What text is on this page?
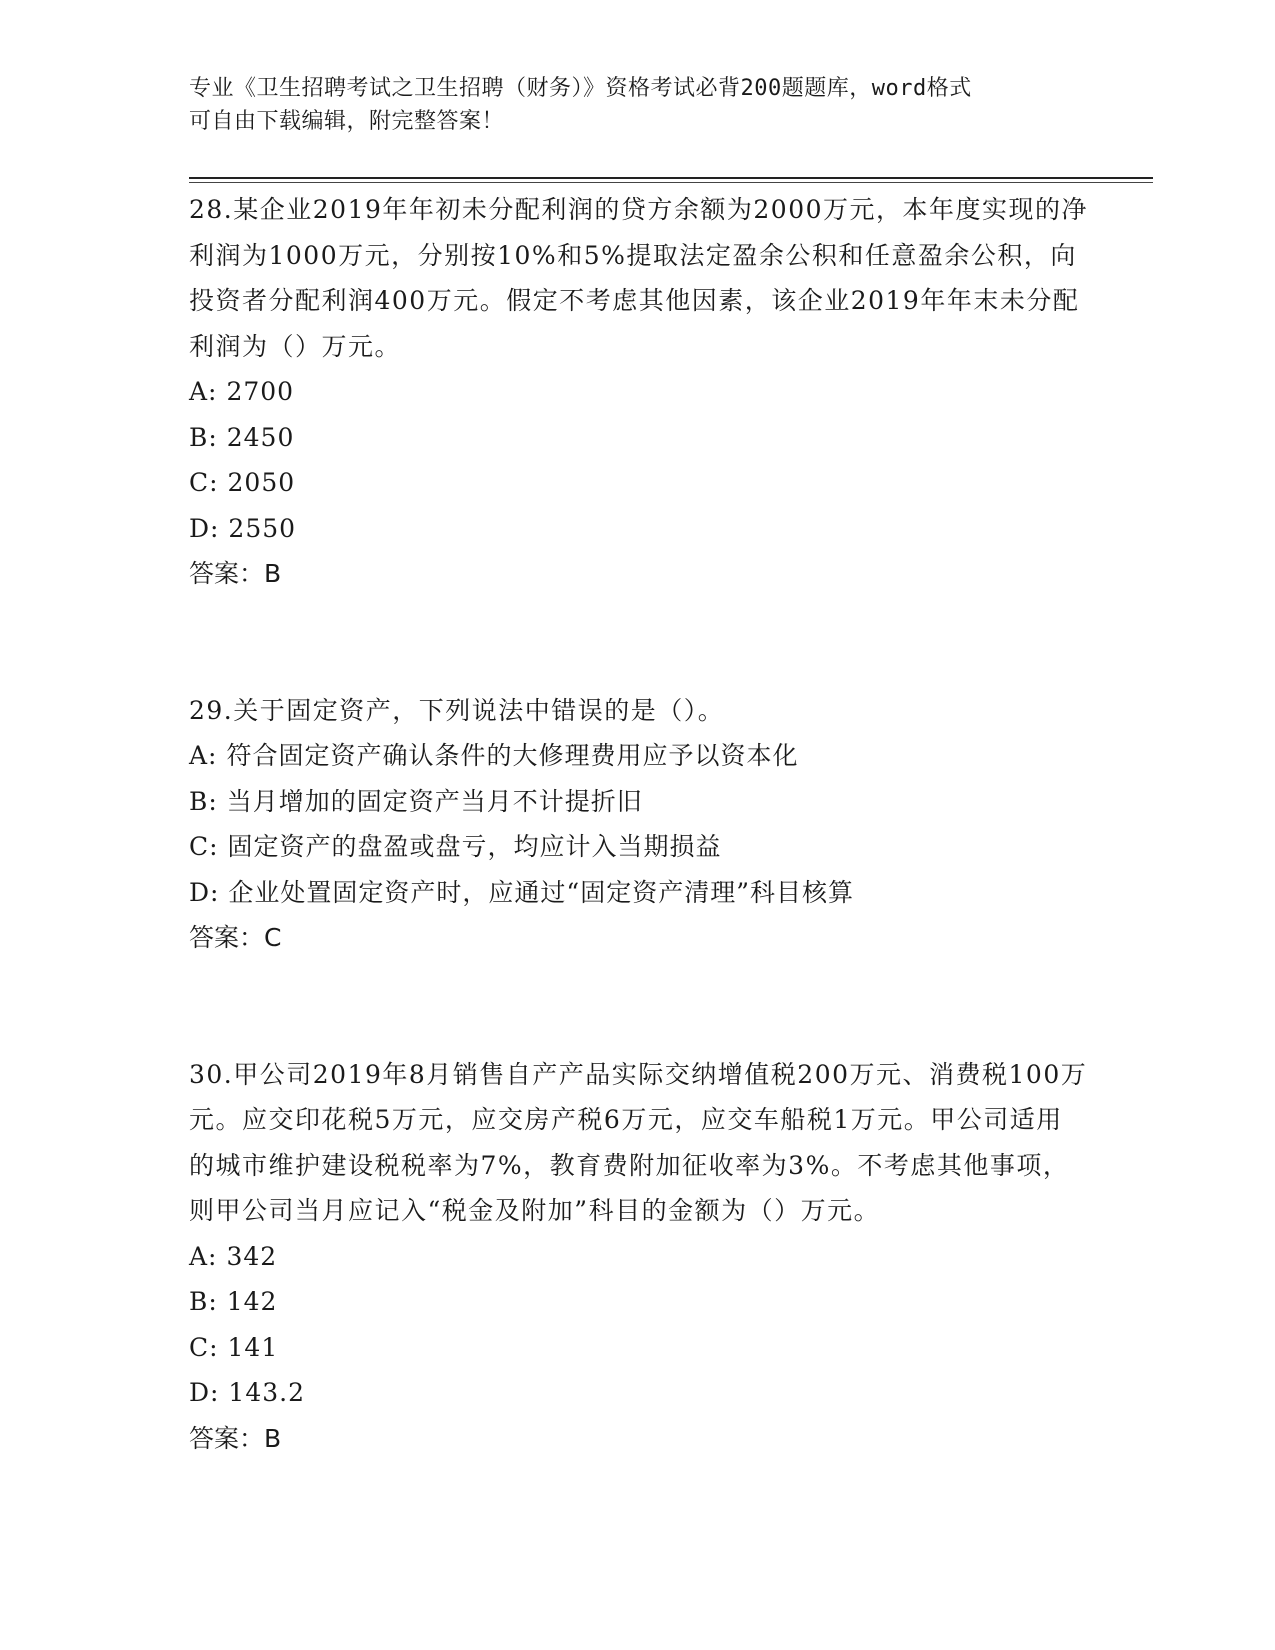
专业《卫生招聘考试之卫生招聘（财务）》资格考试必背200题题库，word格式
可自由下载编辑，附完整答案！

28.某企业2019年年初未分配利润的贷方余额为2000万元，本年度实现的净利润为1000万元，分别按10%和5%提取法定盈余公积和任意盈余公积，向投资者分配利润400万元。假定不考虑其他因素，该企业2019年年末未分配利润为（）万元。

A: 2700

B: 2450

C: 2050

D: 2550

答案：B

29.关于固定资产，下列说法中错误的是（）。

A: 符合固定资产确认条件的大修理费用应予以资本化

B: 当月增加的固定资产当月不计提折旧

C: 固定资产的盘盈或盘亏，均应计入当期损益

D: 企业处置固定资产时，应通过“固定资产清理”科目核算

答案：C

30.甲公司2019年8月销售自产产品实际交纳增值税200万元、消费税100万元。应交印花税5万元，应交房产税6万元，应交车船税1万元。甲公司适用的城市维护建设税税率为7%，教育费附加征收率为3%。不考虑其他事项，则甲公司当月应记入“税金及附加”科目的金额为（）万元。

A: 342

B: 142

C: 141

D: 143.2

答案：B
